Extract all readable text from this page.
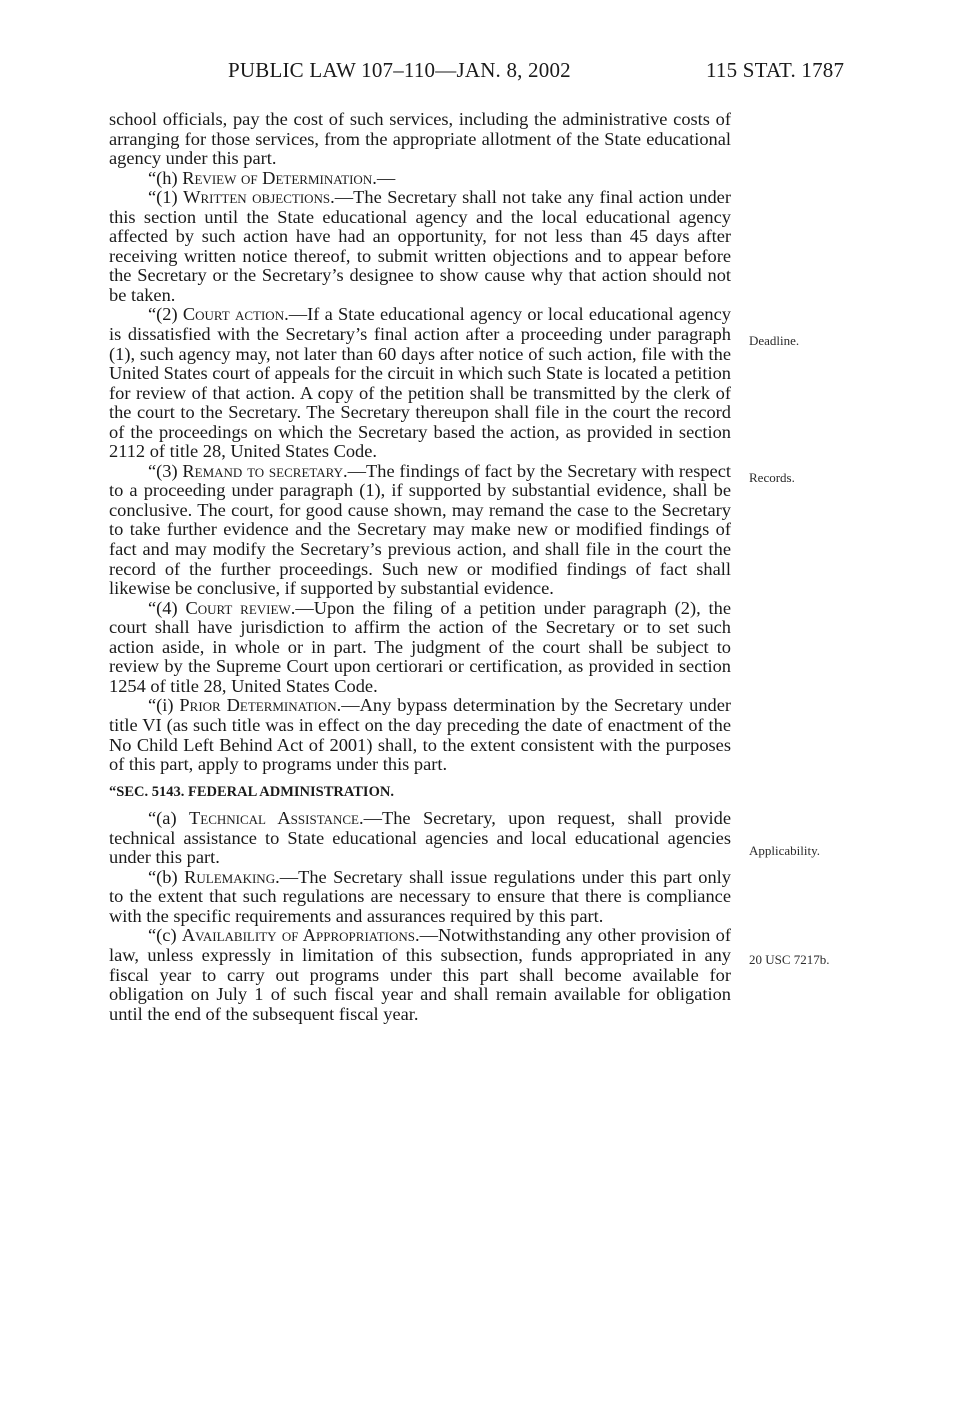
PUBLIC LAW 107–110—JAN. 8, 2002	115 STAT. 1787

school officials, pay the cost of such services, including the administrative costs of arranging for those services, from the appropriate allotment of the State educational agency under this part.

“(h) Review of Determination.—

“(1) Written objections.—The Secretary shall not take any final action under this section until the State educational agency and the local educational agency affected by such action have had an opportunity, for not less than 45 days after receiving written notice thereof, to submit written objections and to appear before the Secretary or the Secretary’s designee to show cause why that action should not be taken.

“(2) Court action.—If a State educational agency or local educational agency is dissatisfied with the Secretary’s final action after a proceeding under paragraph (1), such agency may, not later than 60 days after notice of such action, file with the United States court of appeals for the circuit in which such State is located a petition for review of that action. A copy of the petition shall be transmitted by the clerk of the court to the Secretary. The Secretary thereupon shall file in the court the record of the proceedings on which the Secretary based the action, as provided in section 2112 of title 28, United States Code.

“(3) Remand to secretary.—The findings of fact by the Secretary with respect to a proceeding under paragraph (1), if supported by substantial evidence, shall be conclusive. The court, for good cause shown, may remand the case to the Secretary to take further evidence and the Secretary may make new or modified findings of fact and may modify the Secretary’s previous action, and shall file in the court the record of the further proceedings. Such new or modified findings of fact shall likewise be conclusive, if supported by substantial evidence.

“(4) Court review.—Upon the filing of a petition under paragraph (2), the court shall have jurisdiction to affirm the action of the Secretary or to set such action aside, in whole or in part. The judgment of the court shall be subject to review by the Supreme Court upon certiorari or certification, as provided in section 1254 of title 28, United States Code.

“(i) Prior Determination.—Any bypass determination by the Secretary under title VI (as such title was in effect on the day preceding the date of enactment of the No Child Left Behind Act of 2001) shall, to the extent consistent with the purposes of this part, apply to programs under this part.

“SEC. 5143. FEDERAL ADMINISTRATION.

“(a) Technical Assistance.—The Secretary, upon request, shall provide technical assistance to State educational agencies and local educational agencies under this part.

“(b) Rulemaking.—The Secretary shall issue regulations under this part only to the extent that such regulations are necessary to ensure that there is compliance with the specific requirements and assurances required by this part.

“(c) Availability of Appropriations.—Notwithstanding any other provision of law, unless expressly in limitation of this subsection, funds appropriated in any fiscal year to carry out programs under this part shall become available for obligation on July 1 of such fiscal year and shall remain available for obligation until the end of the subsequent fiscal year.

Deadline.
Records.
Applicability.
20 USC 7217b.
